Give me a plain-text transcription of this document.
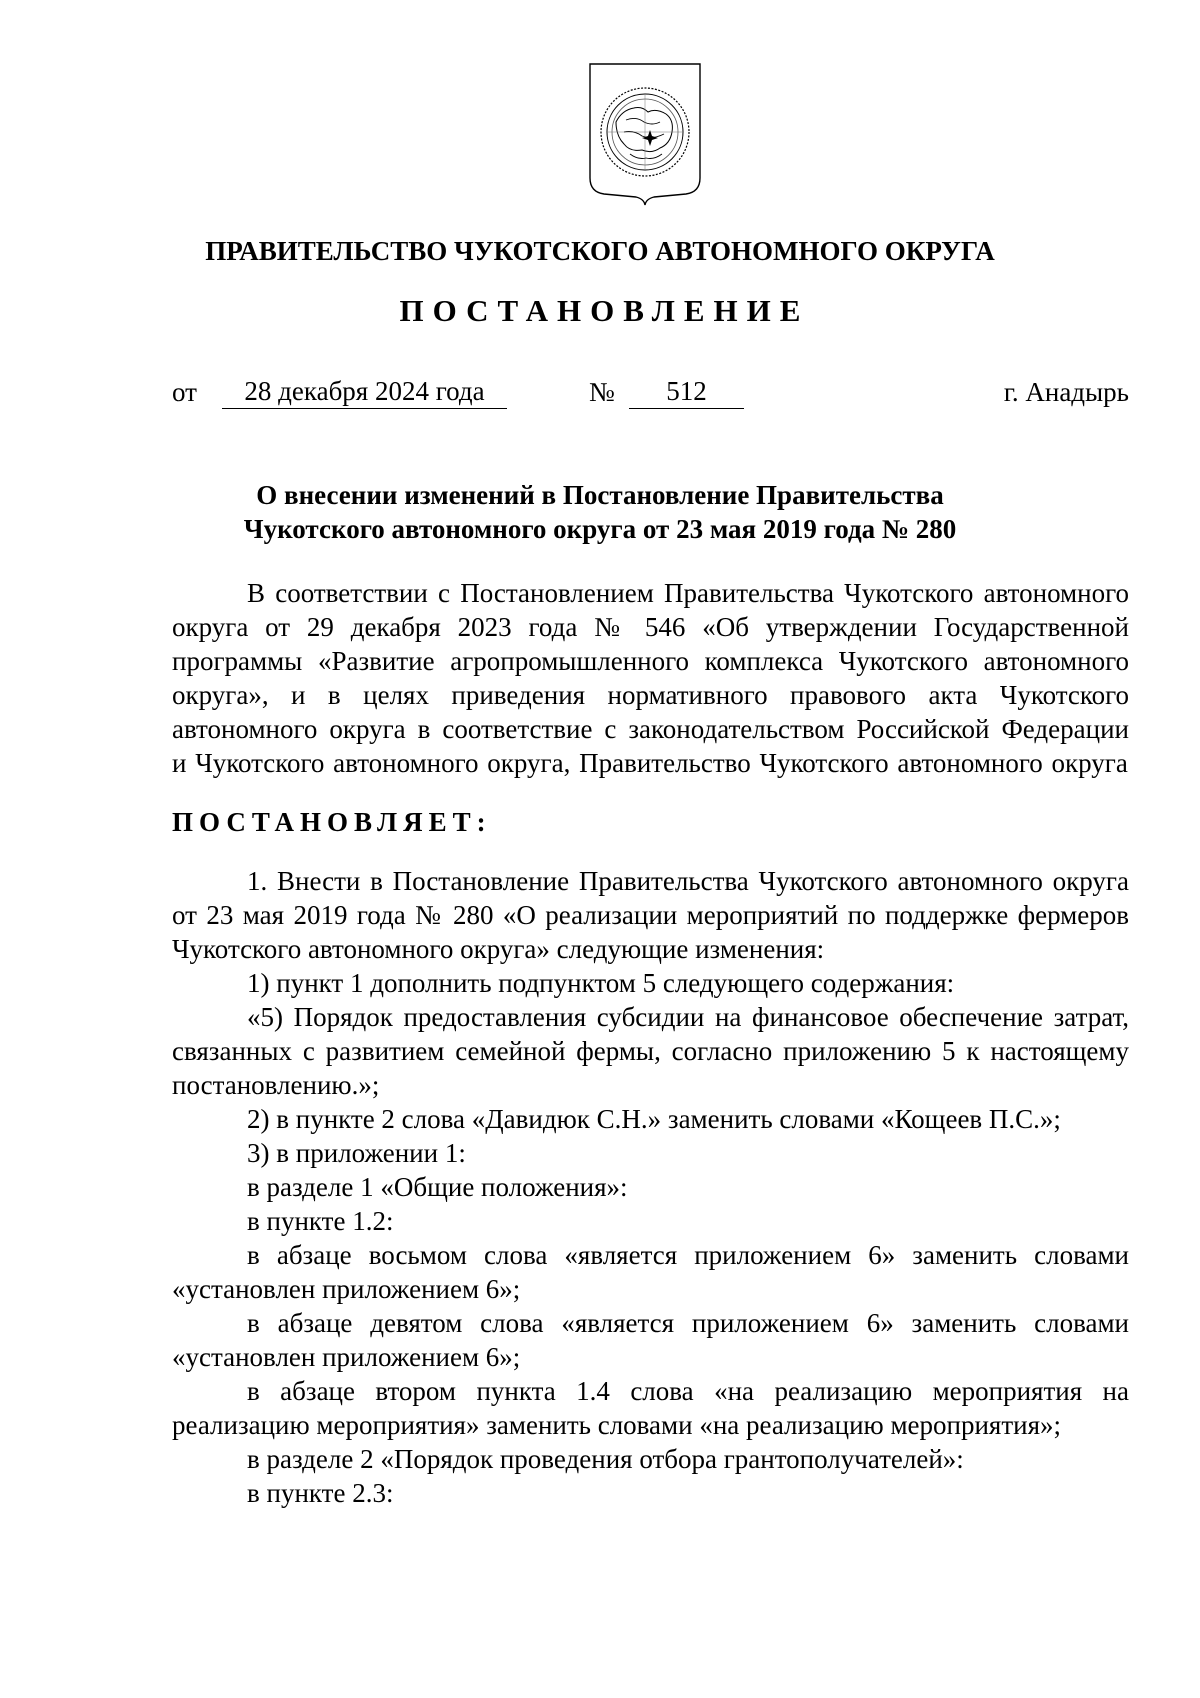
ПРАВИТЕЛЬСТВО ЧУКОТСКОГО АВТОНОМНОГО ОКРУГА
ПОСТАНОВЛЕНИЕ
от	28 декабря 2024 года	№	512	г. Анадырь
О внесении изменений в Постановление Правительства
Чукотского автономного округа от 23 мая 2019 года № 280

В соответствии с Постановлением Правительства Чукотского автономного округа от 29 декабря 2023 года № 546 «Об утверждении Государственной программы «Развитие агропромышленного комплекса Чукотского автономного округа», и в целях приведения нормативного правового акта Чукотского автономного округа в соответствие с законодательством Российской Федерации и Чукотского автономного округа, Правительство Чукотского автономного округа

ПОСТАНОВЛЯЕТ:

1. Внести в Постановление Правительства Чукотского автономного округа от 23 мая 2019 года № 280 «О реализации мероприятий по поддержке фермеров Чукотского автономного округа» следующие изменения:

1) пункт 1 дополнить подпунктом 5 следующего содержания:

«5) Порядок предоставления субсидии на финансовое обеспечение затрат, связанных с развитием семейной фермы, согласно приложению 5 к настоящему постановлению.»;

2) в пункте 2 слова «Давидюк С.Н.» заменить словами «Кощеев П.С.»;

3) в приложении 1:

в разделе 1 «Общие положения»:

в пункте 1.2:

в абзаце восьмом слова «является приложением 6» заменить словами «установлен приложением 6»;

в абзаце девятом слова «является приложением 6» заменить словами «установлен приложением 6»;

в абзаце втором пункта 1.4 слова «на реализацию мероприятия на реализацию мероприятия» заменить словами «на реализацию мероприятия»;

в разделе 2 «Порядок проведения отбора грантополучателей»:

в пункте 2.3:
